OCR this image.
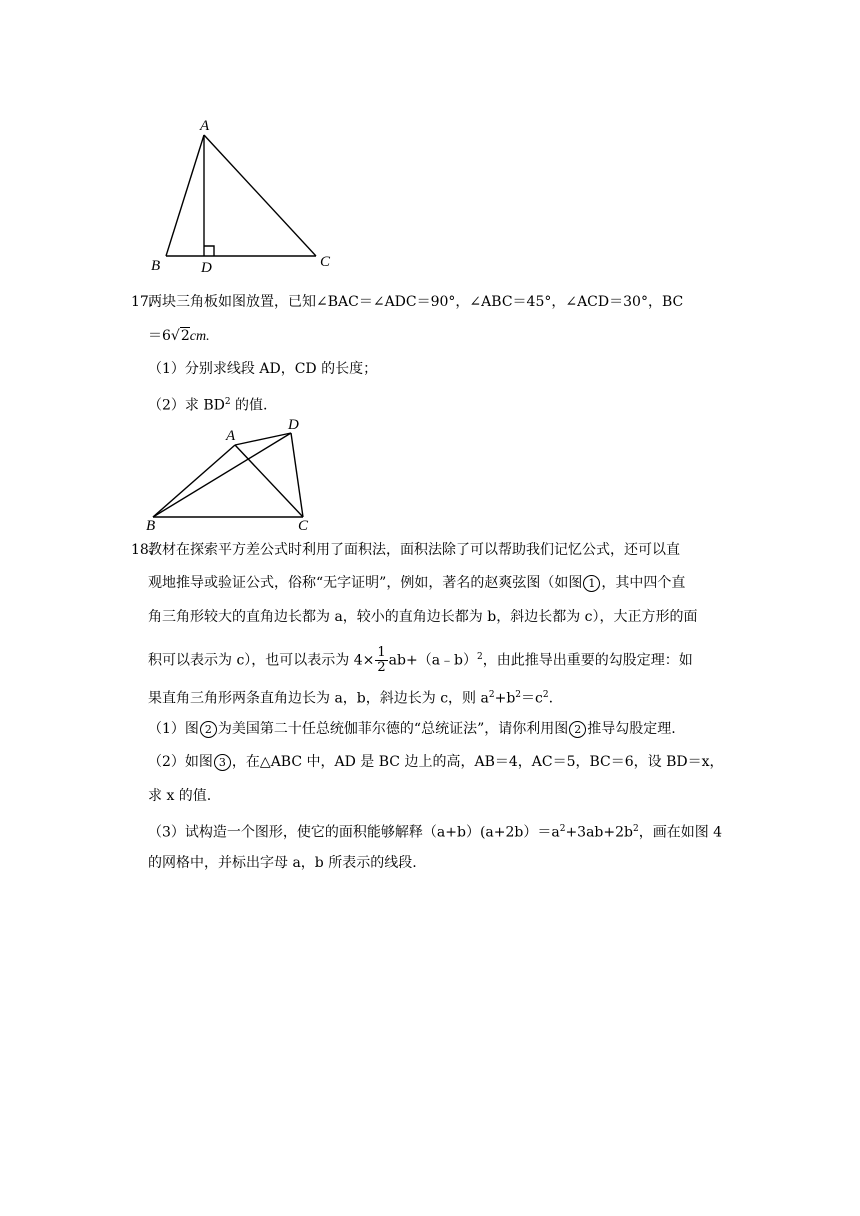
A
B	D	C
17.
两块三角板如图放置，已知∠BAC＝∠ADC＝90°，∠ABC＝45°，∠ACD＝30°，BC
＝6√2cm.
（1）分别求线段 AD，CD 的长度；
（2）求 $BD^2$ 的值.
A
D
B	C
18.
教材在探索平方差公式时利用了面积法，面积法除了可以帮助我们记忆公式，还可以直
观地推导或验证公式，俗称“无字证明”，例如，著名的赵爽弦图（如图 1 ，其中四个直
角三角形较大的直角边长都为 a，较小的直角边长都为 b，斜边长都为 c），大正方形的面
积可以表示为 c），也可以表示为 $4\times \frac{1}{2}$ ab+（a﹣b）$^2$，由此推导出重要的勾股定理：如
果直角三角形两条直角边长为 a，b，斜边长为 c，则 $a^2+b^2=c^2$.
（1）图 2 为美国第二十任总统伽菲尔德的“总统证法”，请你利用图 2 推导勾股定理.
（2）如图 3 ，在△ABC 中，AD 是 BC 边上的高，AB＝4，AC＝5，BC＝6，设 BD＝x，
求 x 的值.
（3）试构造一个图形，使它的面积能够解释$(a+b)(a+2b)=a^2+3ab+2b^2$，画在如图 4
的网格中，并标出字母 a，b 所表示的线段.
